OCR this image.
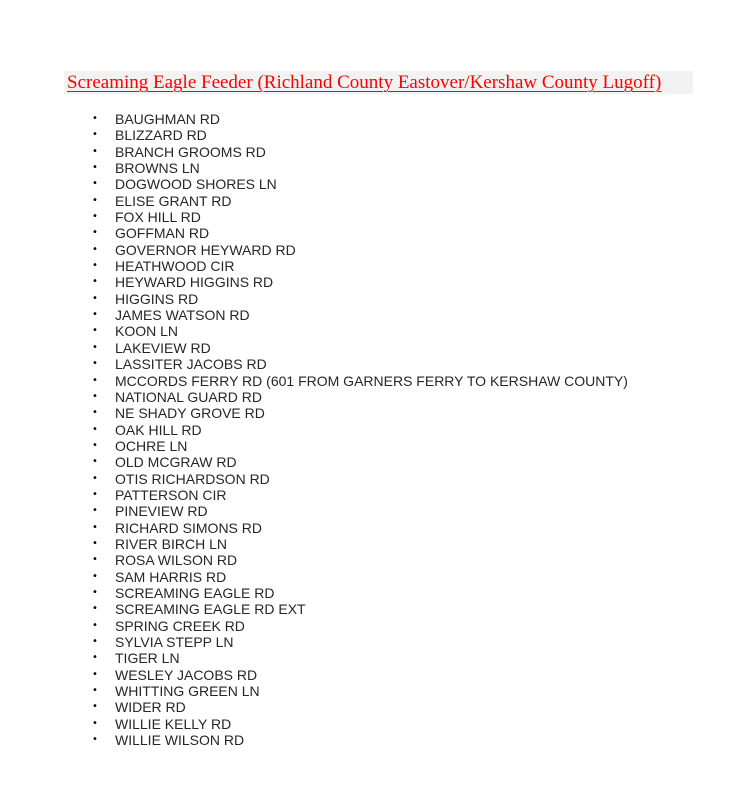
Screaming Eagle Feeder (Richland County Eastover/Kershaw County Lugoff)
• BAUGHMAN RD
• BLIZZARD RD
• BRANCH GROOMS RD
• BROWNS LN
• DOGWOOD SHORES LN
• ELISE GRANT RD
• FOX HILL RD
• GOFFMAN RD
• GOVERNOR HEYWARD RD
• HEATHWOOD CIR
• HEYWARD HIGGINS RD
• HIGGINS RD
• JAMES WATSON RD
• KOON LN
• LAKEVIEW RD
• LASSITER JACOBS RD
• MCCORDS FERRY RD (601 FROM GARNERS FERRY TO KERSHAW COUNTY)
• NATIONAL GUARD RD
• NE SHADY GROVE RD
• OAK HILL RD
• OCHRE LN
• OLD MCGRAW RD
• OTIS RICHARDSON RD
• PATTERSON CIR
• PINEVIEW RD
• RICHARD SIMONS RD
• RIVER BIRCH LN
• ROSA WILSON RD
• SAM HARRIS RD
• SCREAMING EAGLE RD
• SCREAMING EAGLE RD EXT
• SPRING CREEK RD
• SYLVIA STEPP LN
• TIGER LN
• WESLEY JACOBS RD
• WHITTING GREEN LN
• WIDER RD
• WILLIE KELLY RD
• WILLIE WILSON RD
